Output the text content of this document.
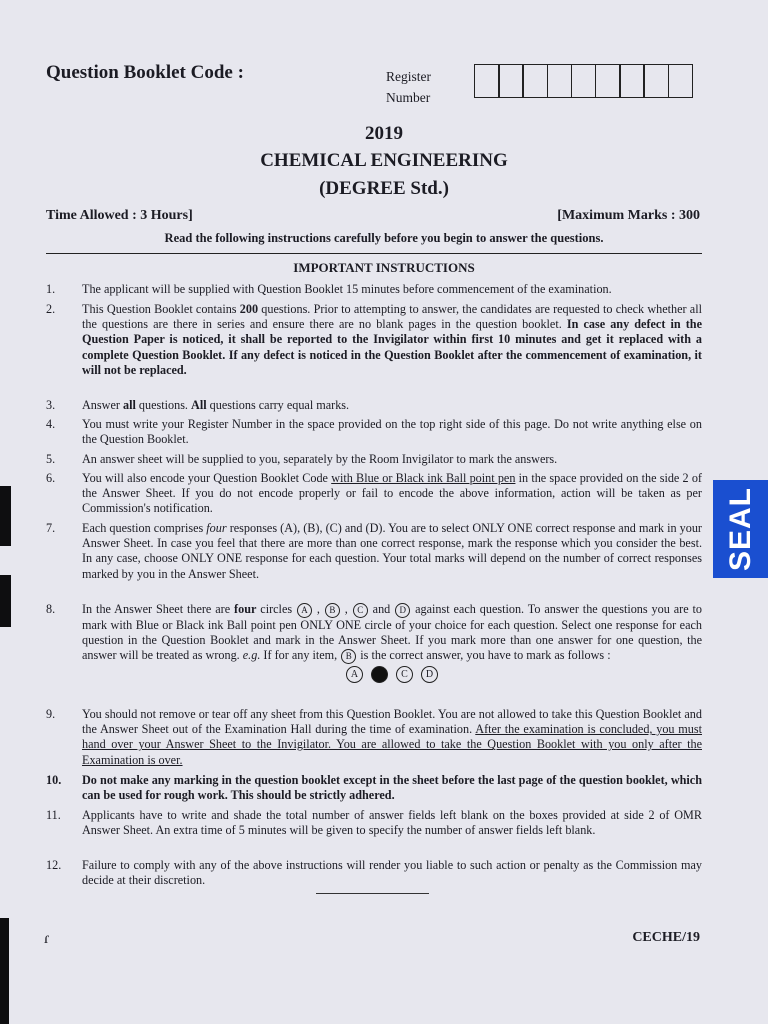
Question Booklet Code :	Register
Number
2019
CHEMICAL ENGINEERING
(DEGREE Std.)
Time Allowed : 3 Hours]	[Maximum Marks : 300
Read the following instructions carefully before you begin to answer the questions.
IMPORTANT INSTRUCTIONS
1.	The applicant will be supplied with Question Booklet 15 minutes before commencement of the examination.
2.	This Question Booklet contains 200 questions. Prior to attempting to answer, the candidates are requested to check whether all the questions are there in series and ensure there are no blank pages in the question booklet. In case any defect in the Question Paper is noticed, it shall be reported to the Invigilator within first 10 minutes and get it replaced with a complete Question Booklet. If any defect is noticed in the Question Booklet after the commencement of examination, it will not be replaced.
3.	Answer all questions. All questions carry equal marks.
4.	You must write your Register Number in the space provided on the top right side of this page. Do not write anything else on the Question Booklet.
5.	An answer sheet will be supplied to you, separately by the Room Invigilator to mark the answers.
6.	You will also encode your Question Booklet Code with Blue or Black ink Ball point pen in the space provided on the side 2 of the Answer Sheet. If you do not encode properly or fail to encode the above information, action will be taken as per Commission's notification.
7.	Each question comprises four responses (A), (B), (C) and (D). You are to select ONLY ONE correct response and mark in your Answer Sheet. In case you feel that there are more than one correct response, mark the response which you consider the best. In any case, choose ONLY ONE response for each question. Your total marks will depend on the number of correct responses marked by you in the Answer Sheet.
8.	In the Answer Sheet there are four circles A , B , C and D against each question. To answer the questions you are to mark with Blue or Black ink Ball point pen ONLY ONE circle of your choice for each question. Select one response for each question in the Question Booklet and mark in the Answer Sheet. If you mark more than one answer for one question, the answer will be treated as wrong. e.g. If for any item, B is the correct answer, you have to mark as follows :
A	C D
9.	You should not remove or tear off any sheet from this Question Booklet. You are not allowed to take this Question Booklet and the Answer Sheet out of the Examination Hall during the time of examination. After the examination is concluded, you must hand over your Answer Sheet to the Invigilator. You are allowed to take the Question Booklet with you only after the Examination is over.
10.	Do not make any marking in the question booklet except in the sheet before the last page of the question booklet, which can be used for rough work. This should be strictly adhered.
11.	Applicants have to write and shade the total number of answer fields left blank on the boxes provided at side 2 of OMR Answer Sheet. An extra time of 5 minutes will be given to specify the number of answer fields left blank.
12.	Failure to comply with any of the above instructions will render you liable to such action or penalty as the Commission may decide at their discretion.
ɾ	CECHE/19
SEAL
